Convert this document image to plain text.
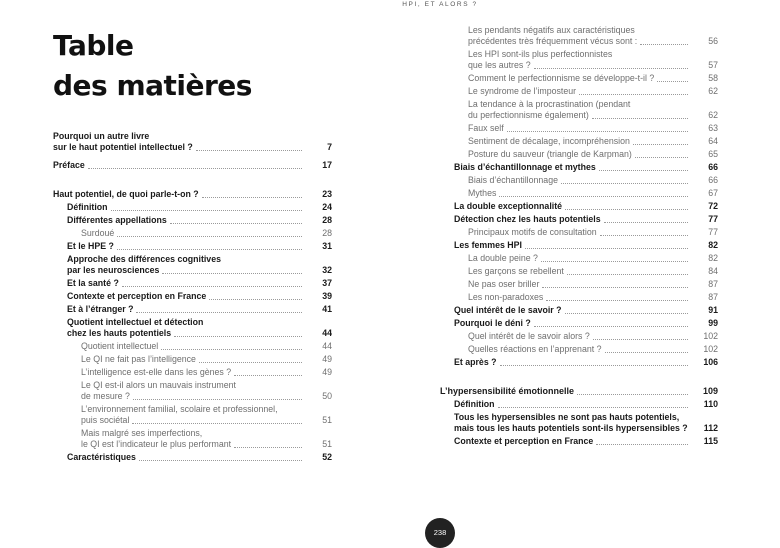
HPI, ET ALORS ?
Table
des matières
Pourquoi un autre livre
sur le haut potentiel intellectuel ?	7
Préface	17
Haut potentiel, de quoi parle-t-on ?	23
Définition	24
Différentes appellations	28
Surdoué	28
Et le HPE ?	31
Approche des différences cognitives
par les neurosciences	32
Et la santé ?	37
Contexte et perception en France	39
Et à l’étranger ?	41
Quotient intellectuel et détection
chez les hauts potentiels	44
Quotient intellectuel	44
Le QI ne fait pas l’intelligence	49
L’intelligence est-elle dans les gènes ?	49
Le QI est-il alors un mauvais instrument
de mesure ?	50
L’environnement familial, scolaire et professionnel,
puis sociétal	51
Mais malgré ses imperfections,
le QI est l’indicateur le plus performant	51
Caractéristiques	52
Les pendants négatifs aux caractéristiques
précédentes très fréquemment vécus sont :	56
Les HPI sont-ils plus perfectionnistes
que les autres ?	57
Comment le perfectionnisme se développe-t-il ?	58
Le syndrome de l’imposteur	62
La tendance à la procrastination (pendant
du perfectionnisme également)	62
Faux self	63
Sentiment de décalage, incompréhension	64
Posture du sauveur (triangle de Karpman)	65
Biais d’échantillonnage et mythes	66
Biais d’échantillonnage	66
Mythes	67
La double exceptionnalité	72
Détection chez les hauts potentiels	77
Principaux motifs de consultation	77
Les femmes HPI	82
La double peine ?	82
Les garçons se rebellent	84
Ne pas oser briller	87
Les non-paradoxes	87
Quel intérêt de le savoir ?	91
Pourquoi le déni ?	99
Quel intérêt de le savoir alors ?	102
Quelles réactions en l’apprenant ?	102
Et après ?	106
L’hypersensibilité émotionnelle	109
Définition	110
Tous les hypersensibles ne sont pas hauts potentiels,
mais tous les hauts potentiels sont-ils hypersensibles ?	112
Contexte et perception en France	115
238
